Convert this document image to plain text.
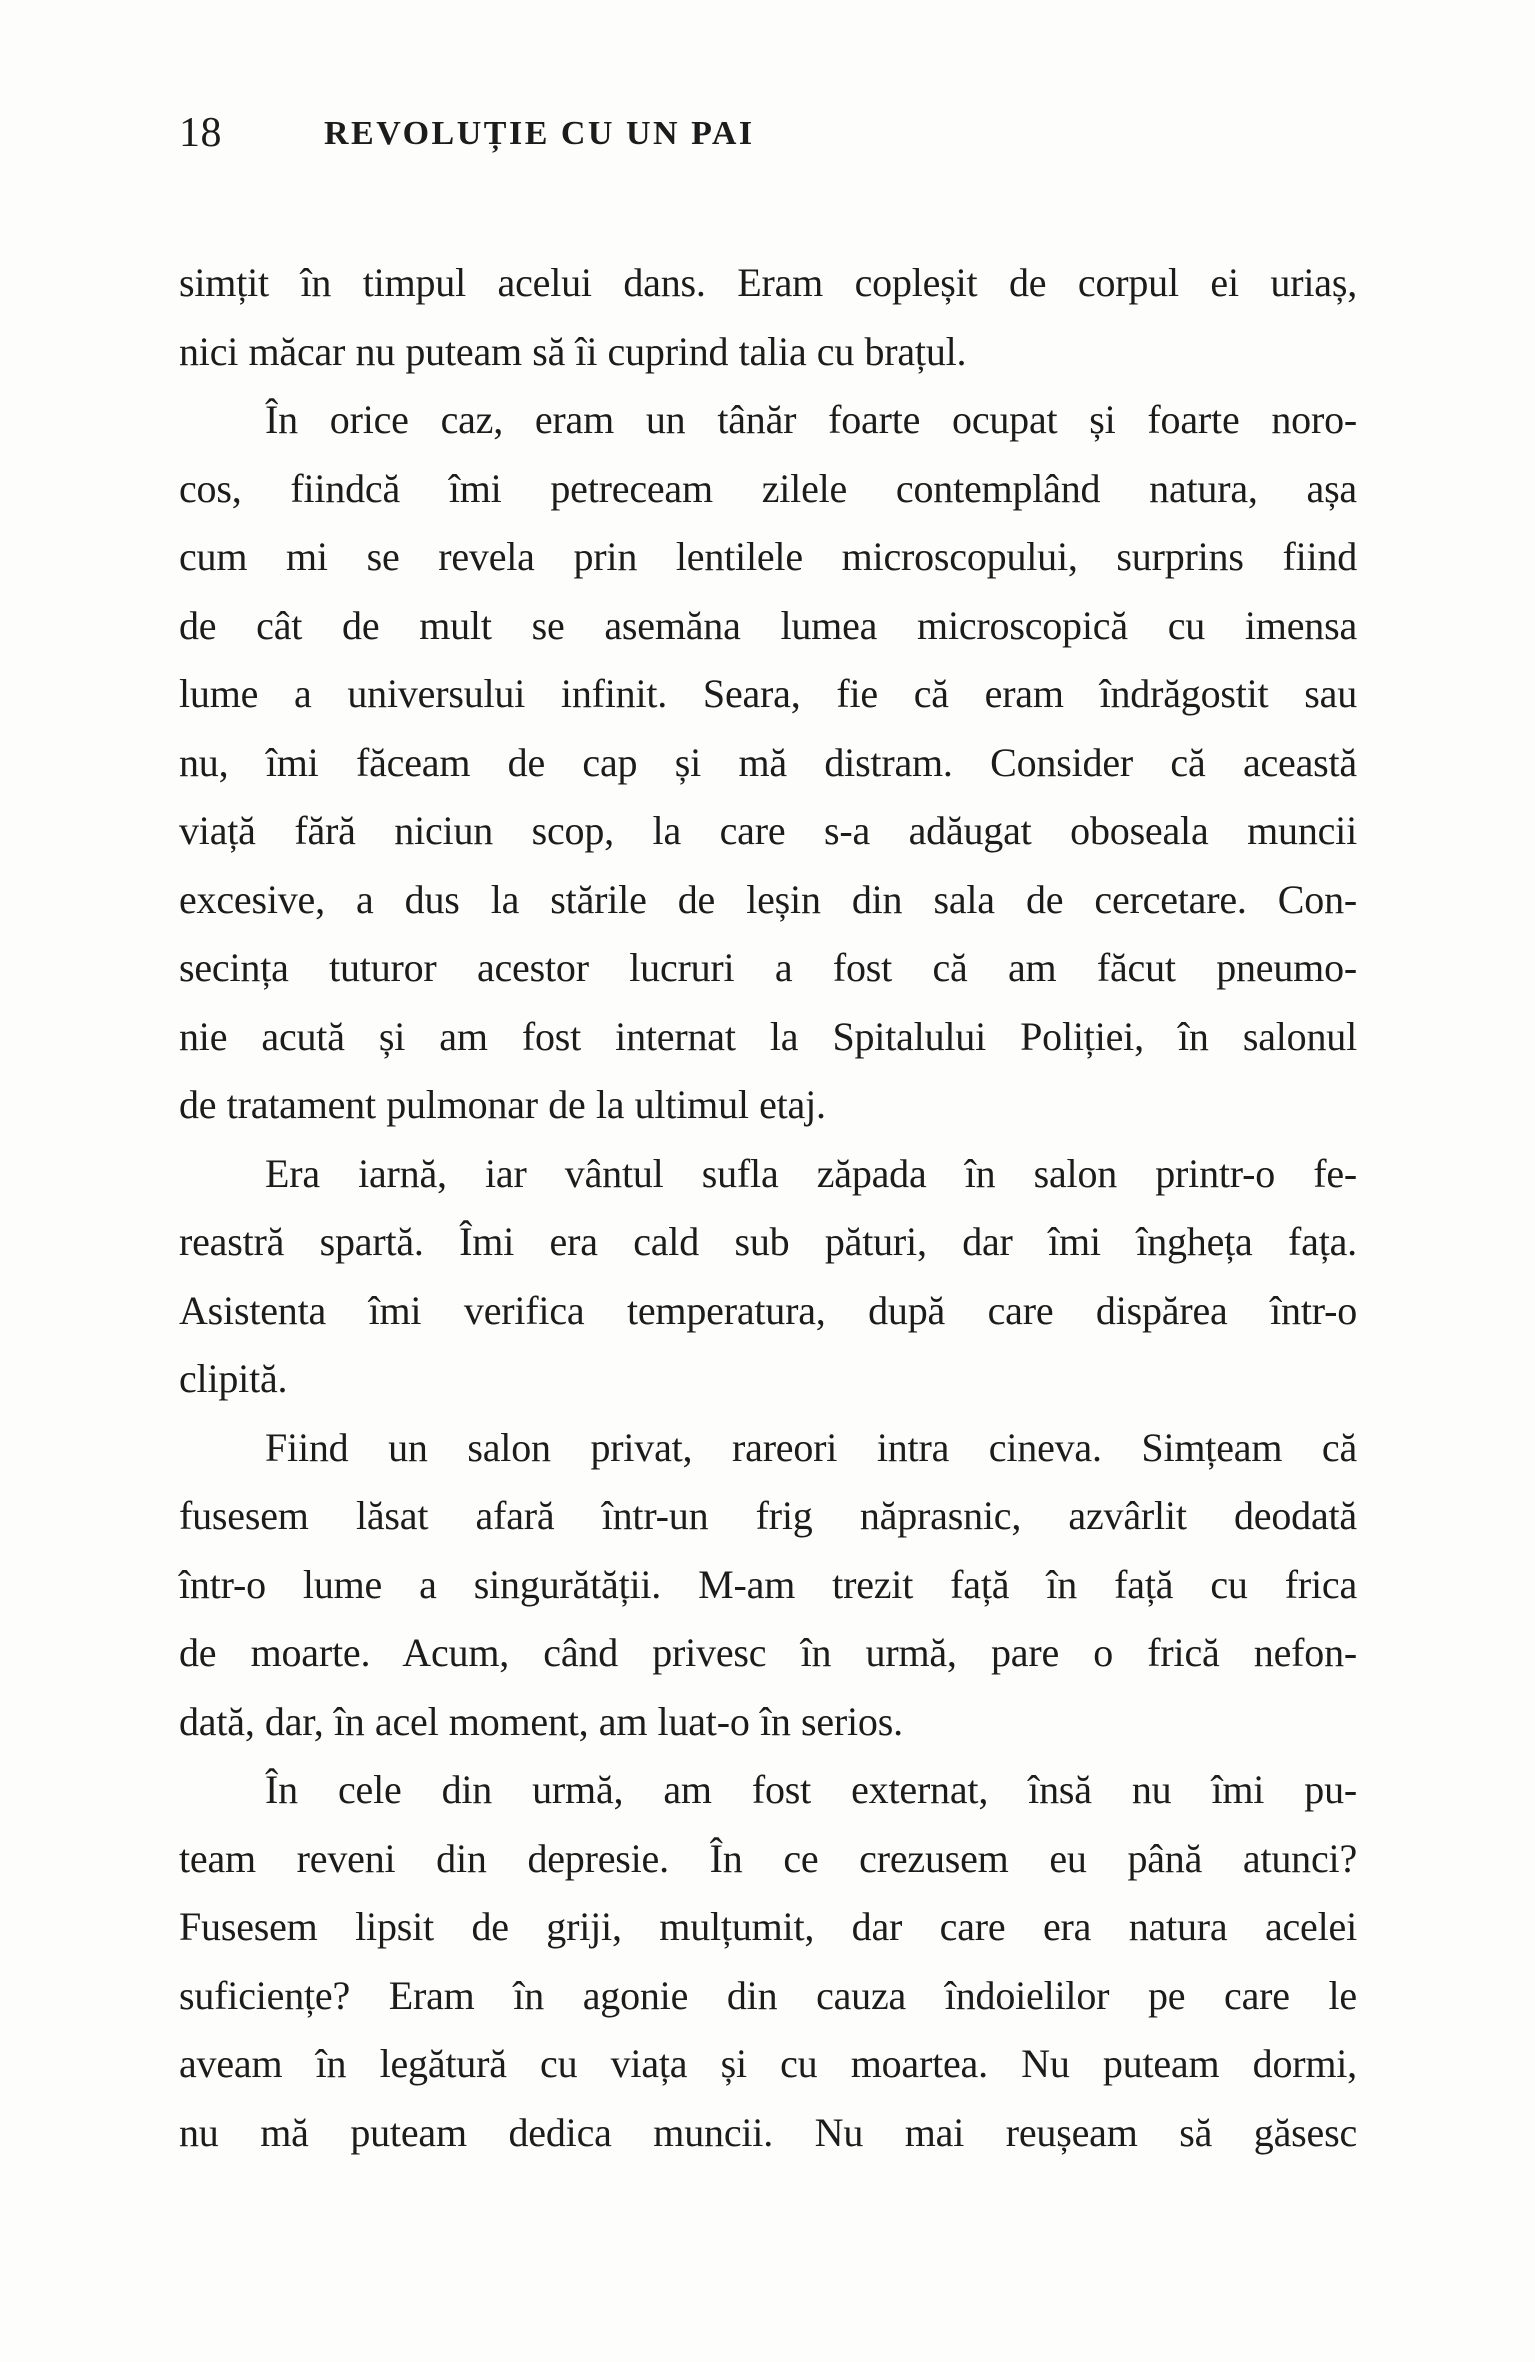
18	REVOLUȚIE CU UN PAI

simțit în timpul acelui dans. Eram copleșit de corpul ei uriaș,
nici măcar nu puteam să îi cuprind talia cu brațul.

În orice caz, eram un tânăr foarte ocupat și foarte noro-
cos, fiindcă îmi petreceam zilele contemplând natura, așa
cum mi se revela prin lentilele microscopului, surprins fiind
de cât de mult se asemăna lumea microscopică cu imensa
lume a universului infinit. Seara, fie că eram îndrăgostit sau
nu, îmi făceam de cap și mă distram. Consider că această
viață fără niciun scop, la care s-a adăugat oboseala muncii
excesive, a dus la stările de leșin din sala de cercetare. Con-
secința tuturor acestor lucruri a fost că am făcut pneumo-
nie acută și am fost internat la Spitalului Poliției, în salonul
de tratament pulmonar de la ultimul etaj.

Era iarnă, iar vântul sufla zăpada în salon printr-o fe-
reastră spartă. Îmi era cald sub pături, dar îmi îngheța fața.
Asistenta îmi verifica temperatura, după care dispărea într-o
clipită.

Fiind un salon privat, rareori intra cineva. Simțeam că
fusesem lăsat afară într-un frig năprasnic, azvârlit deodată
într-o lume a singurătății. M-am trezit față în față cu frica
de moarte. Acum, când privesc în urmă, pare o frică nefon-
dată, dar, în acel moment, am luat-o în serios.

În cele din urmă, am fost externat, însă nu îmi pu-
team reveni din depresie. În ce crezusem eu până atunci?
Fusesem lipsit de griji, mulțumit, dar care era natura acelei
suficiențe? Eram în agonie din cauza îndoielilor pe care le
aveam în legătură cu viața și cu moartea. Nu puteam dormi,
nu mă puteam dedica muncii. Nu mai reușeam să găsesc
